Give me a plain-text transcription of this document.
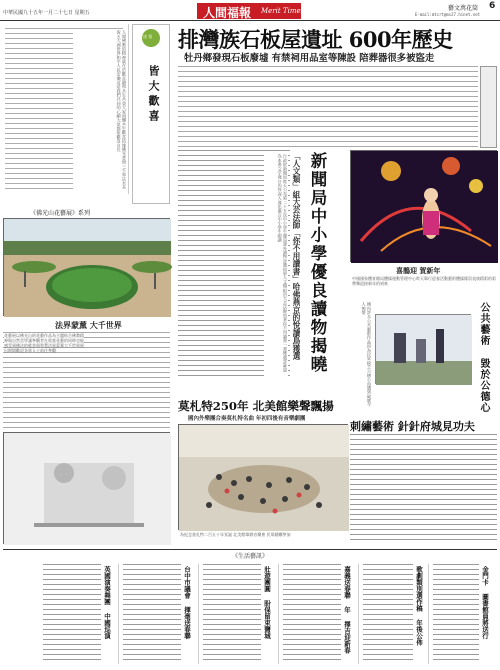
中華民國九十五年一月二十七日 星期五	人間福報 Merit Times	藝文萬花筒 6
E-mail:mtcrt@ms27.hinet.net
人間佛教的精神就在於歡喜融和共生共榮大家同體共生歡喜結緣佛光普照三千界法水長流五大洲世界和平人民安樂這是我們共同的心願大眾都能歡喜自在	迷 悟
皆大歡喜
《佛光山花藝展》系列
法界蒙薰 大千世界
花藝展以佛光山的花藝作品為主題結合佛教精神與自然美學讓參觀者在欣賞花藝的同時也能感受到佛法的慈悲與智慧法界蒙薰大千世界展出期間歡迎各界人士前往參觀
排灣族石板屋遺址 600年歷史
牡丹鄉發現石板廢墟 有禁祠用品室等陳設 陪葬器很多被盜走
新聞局中小學優良讀物揭曉
﹁人文類﹂組大芸法師﹁你不用讀書﹂哈佛燕京的悅讀鳥獲選
行政院新聞局昨天公布第二十五次中小學生優良課外讀物評選結果人文類組由大芸法師所著你不用讀書一書獲選評審認為本書文字淺白內容深入淺出適合中小學生閱讀
喜鵲迎 賀新年
中國國家體育總局體操運動管理中心昨天舉行迎春活動藝術體操隊員表演精彩的彩帶舞迎接新年的到來
國內許多公共藝術作品因為民眾缺乏公德心而遭到破壞令人惋惜	公共藝術 毀於公德心
刺繡藝術 針針府城見功夫
莫札特250年 北美館樂聲飄揚
國內外樂團合奏莫札特名曲 年初四後有音樂劇團
為紀念莫札特二百五十年冥誕 北美館舉辦音樂會 民眾踴躍參加
《生活藝訊》
英國演奏舞團 中國巡演	台中市議會 揮毫送春聯	壯遊團圓 盼保留束鹽城	嘉義送春聯 年 擇吉迎新春	歌劇類別選作稿 年後公佈	金門卡 圖書館員將送行
